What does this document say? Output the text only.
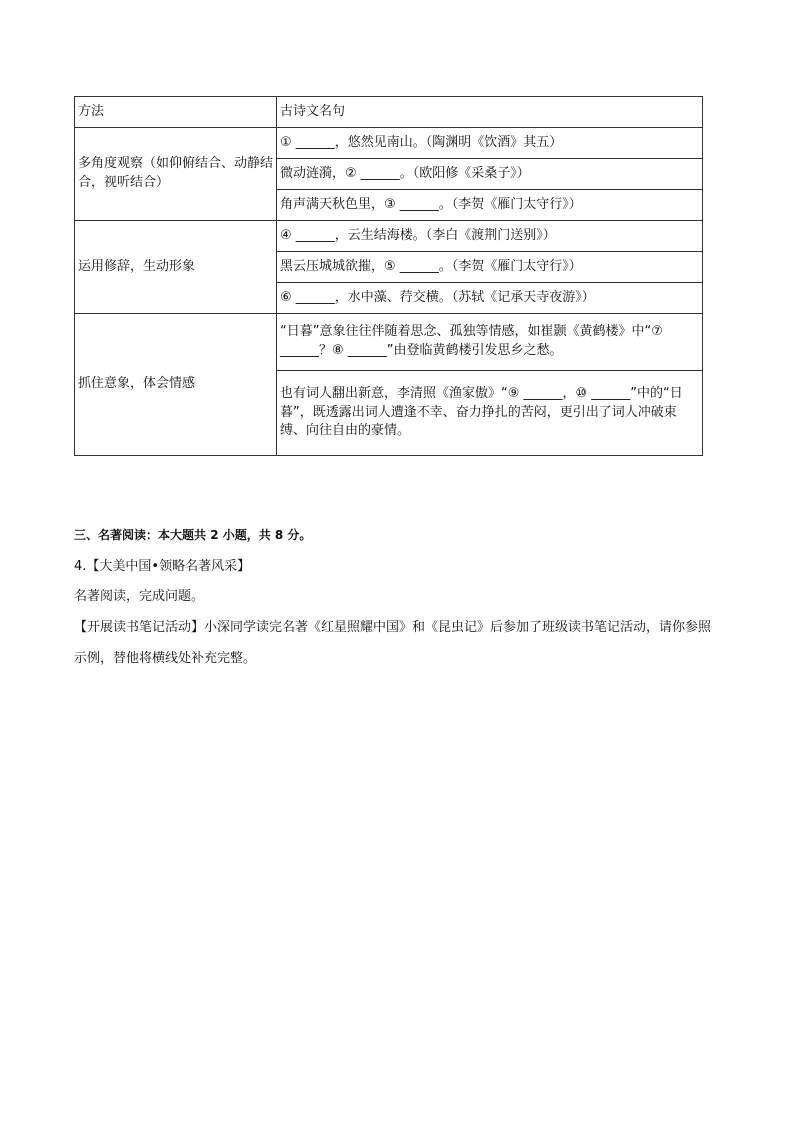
方法	古诗文名句
多角度观察（如仰俯结合、动静结合，视听结合）	① ______，悠然见南山。（陶渊明《饮酒》其五）
	微动涟漪，② ______。（欧阳修《采桑子》）
	角声满天秋色里，③ ______。（李贺《雁门太守行》）
运用修辞，生动形象	④ ______，云生结海楼。（李白《渡荆门送别》）
	黑云压城城欲摧，⑤ ______。（李贺《雁门太守行》）
	⑥ ______，水中藻、荇交横。（苏轼《记承天寺夜游》）
抓住意象，体会情感	“日暮”意象往往伴随着思念、孤独等情感，如崔颢《黄鹤楼》中“⑦ ______？⑧ ______”由登临黄鹤楼引发思乡之愁。
	也有词人翻出新意，李清照《渔家傲》“⑨ ______，⑩ ______”中的“日暮”，既透露出词人遭逢不幸、奋力挣扎的苦闷，更引出了词人冲破束缚、向往自由的豪情。
三、名著阅读：本大题共 2 小题，共 8 分。
4.【大美中国•领略名著风采】
名著阅读，完成问题。
【开展读书笔记活动】小深同学读完名著《红星照耀中国》和《昆虫记》后参加了班级读书笔记活动，请你参照示例，替他将横线处补充完整。
